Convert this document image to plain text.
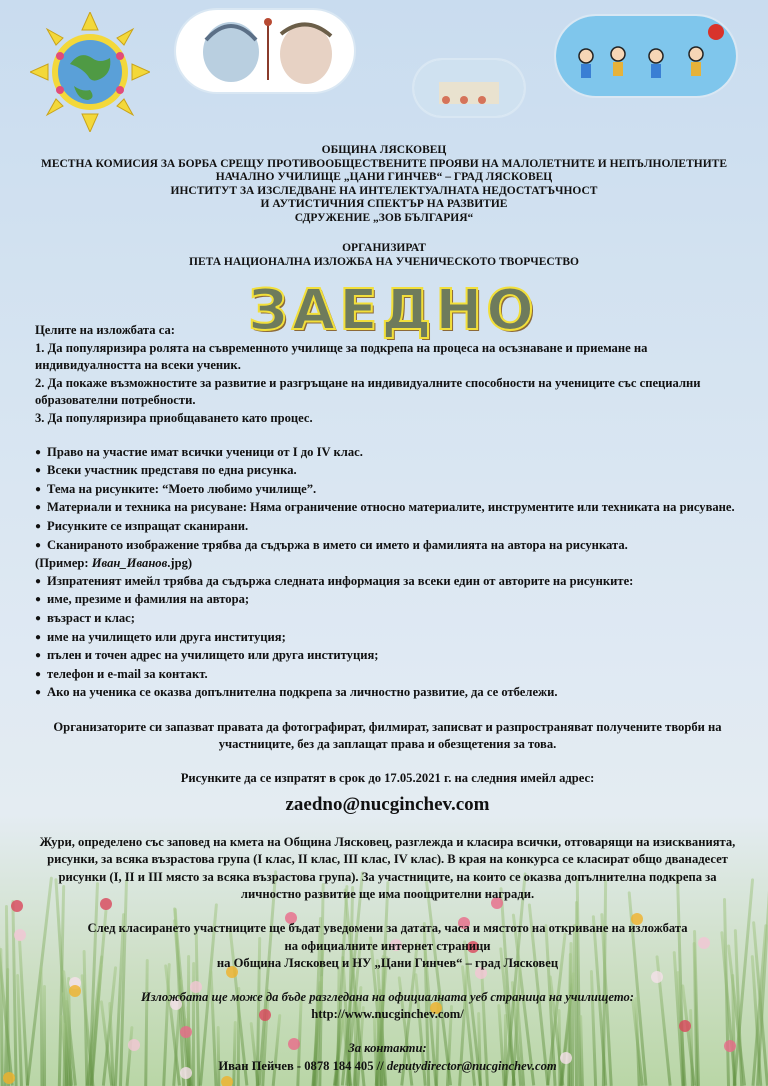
ОБЩИНА ЛЯСКОВЕЦ
МЕСТНА КОМИСИЯ ЗА БОРБА СРЕЩУ ПРОТИВООБЩЕСТВЕНИТЕ ПРОЯВИ НА МАЛОЛЕТНИТЕ И НЕПЪЛНОЛЕТНИТЕ
НАЧАЛНО УЧИЛИЩЕ „ЦАНИ ГИНЧЕВ“ – ГРАД ЛЯСКОВЕЦ
ИНСТИТУТ ЗА ИЗСЛЕДВАНЕ НА ИНТЕЛЕКТУАЛНАТА НЕДОСТАТЪЧНОСТ
И АУТИСТИЧНИЯ СПЕКТЪР НА РАЗВИТИЕ
СДРУЖЕНИЕ „ЗОВ БЪЛГАРИЯ“
ОРГАНИЗИРАТ
ПЕТА НАЦИОНАЛНА ИЗЛОЖБА НА УЧЕНИЧЕСКОТО ТВОРЧЕСТВО
ЗАЕДНО

Целите на изложбата са:

1. Да популяризира ролята на съвременното училище за подкрепа на процеса на осъзнаване и приемане на индивидуалността на всеки ученик.

2. Да покаже възможностите за развитие и разгръщане на индивидуалните способности на учениците със специални образователни потребности.

3. Да популяризира приобщаването като процес.

● Право на участие имат всички ученици от I до IV клас.

● Всеки участник представя по една рисунка.

● Тема на рисунките: “Моето любимо училище”.

● Материали и техника на рисуване: Няма ограничение относно материалите, инструментите или техниката на рисуване.

● Рисунките се изпращат сканирани.

● Сканираното изображение трябва да съдържа в името си името и фамилията на автора на рисунката.

(Пример: Иван_Иванов.jpg)

● Изпратеният имейл трябва да съдържа следната информация за всеки един от авторите на рисунките:

● име, презиме и фамилия на автора;

● възраст и клас;

● име на училището или друга институция;

● пълен и точен адрес на училището или друга институция;

● телефон и e-mail за контакт.

● Ако на ученика се оказва допълнителна подкрепа за личностно развитие, да се отбележи.

Организаторите си запазват правата да фотографират, филмират, записват и разпространяват получените творби на участниците, без да заплащат права и обезщетения за това.

Рисунките да се изпратят в срок до 17.05.2021 г. на следния имейл адрес:

zaedno@nucginchev.com

Жури, определено със заповед на кмета на Община Лясковец, разглежда и класира всички, отговарящи на изискванията, рисунки, за всяка възрастова група (I клас, II клас, III клас, IV клас). В края на конкурса се класират общо дванадесет рисунки (I, II и III място за всяка възрастова група). За участниците, на които се оказва допълнителна подкрепа за личностно развитие ще има поощрителни награди.

След класирането участниците ще бъдат уведомени за датата, часа и мястото на откриване на изложбата

на официалните интернет страници

на Община Лясковец и НУ „Цани Гинчев“ – град Лясковец

Изложбата ще може да бъде разгледана на официалната уеб страница на училището:

http://www.nucginchev.com/

За контакти:

Иван Пейчев - 0878 184 405 // deputydirector@nucginchev.com
